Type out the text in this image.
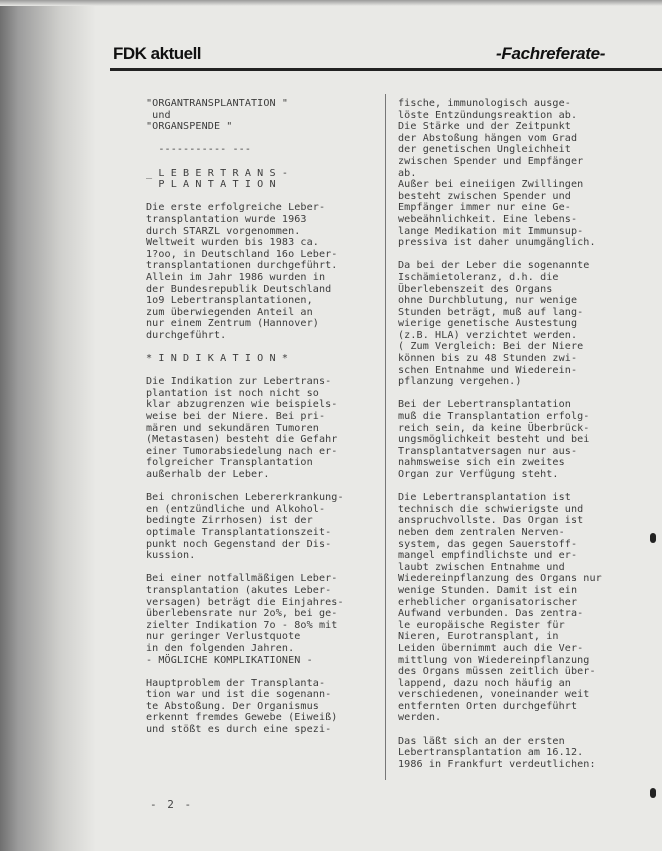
FDK aktuell	-Fachreferate-
"ORGANTRANSPLANTATION "
und
"ORGANSPENDE "

----------- ---

_ L E B E R T R A N S -
P L A N T A T I O N

Die erste erfolgreiche Leber-
transplantation wurde 1963
durch STARZL vorgenommen.
Weltweit wurden bis 1983 ca.
1?oo, in Deutschland 16o Leber-
transplantationen durchgeführt.
Allein im Jahr 1986 wurden in
der Bundesrepublik Deutschland
1o9 Lebertransplantationen,
zum überwiegenden Anteil an
nur einem Zentrum (Hannover)
durchgeführt.

* I N D I K A T I O N *

Die Indikation zur Lebertrans-
plantation ist noch nicht so
klar abzugrenzen wie beispiels-
weise bei der Niere. Bei pri-
mären und sekundären Tumoren
(Metastasen) besteht die Gefahr
einer Tumorabsiedelung nach er-
folgreicher Transplantation
außerhalb der Leber.

Bei chronischen Lebererkrankung-
en (entzündliche und Alkohol-
bedingte Zirrhosen) ist der
optimale Transplantationszeit-
punkt noch Gegenstand der Dis-
kussion.

Bei einer notfallmäßigen Leber-
transplantation (akutes Leber-
versagen) beträgt die Einjahres-
überlebensrate nur 2o%, bei ge-
zielter Indikation 7o - 8o% mit
nur geringer Verlustquote
in den folgenden Jahren.
- MÖGLICHE KOMPLIKATIONEN -

Hauptproblem der Transplanta-
tion war und ist die sogenann-
te Abstoßung. Der Organismus
erkennt fremdes Gewebe (Eiweiß)
und stößt es durch eine spezi-
fische, immunologisch ausge-
löste Entzündungsreaktion ab.
Die Stärke und der Zeitpunkt
der Abstoßung hängen vom Grad
der genetischen Ungleichheit
zwischen Spender und Empfänger
ab.
Außer bei eineiigen Zwillingen
besteht zwischen Spender und
Empfänger immer nur eine Ge-
webeähnlichkeit. Eine lebens-
lange Medikation mit Immunsup-
pressiva ist daher unumgänglich.

Da bei der Leber die sogenannte
Ischämietoleranz, d.h. die
Überlebenszeit des Organs
ohne Durchblutung, nur wenige
Stunden beträgt, muß auf lang-
wierige genetische Austestung
(z.B. HLA) verzichtet werden.
( Zum Vergleich: Bei der Niere
können bis zu 48 Stunden zwi-
schen Entnahme und Wiederein-
pflanzung vergehen.)

Bei der Lebertransplantation
muß die Transplantation erfolg-
reich sein, da keine Überbrück-
ungsmöglichkeit besteht und bei
Transplantatversagen nur aus-
nahmsweise sich ein zweites
Organ zur Verfügung steht.

Die Lebertransplantation ist
technisch die schwierigste und
anspruchvollste. Das Organ ist
neben dem zentralen Nerven-
system, das gegen Sauerstoff-
mangel empfindlichste und er-
laubt zwischen Entnahme und
Wiedereinpflanzung des Organs nur
wenige Stunden. Damit ist ein
erheblicher organisatorischer
Aufwand verbunden. Das zentra-
le europäische Register für
Nieren, Eurotransplant, in
Leiden übernimmt auch die Ver-
mittlung von Wiedereinpflanzung
des Organs müssen zeitlich über-
lappend, dazu noch häufig an
verschiedenen, voneinander weit
entfernten Orten durchgeführt
werden.

Das läßt sich an der ersten
Lebertransplantation am 16.12.
1986 in Frankfurt verdeutlichen:
- 2 -
